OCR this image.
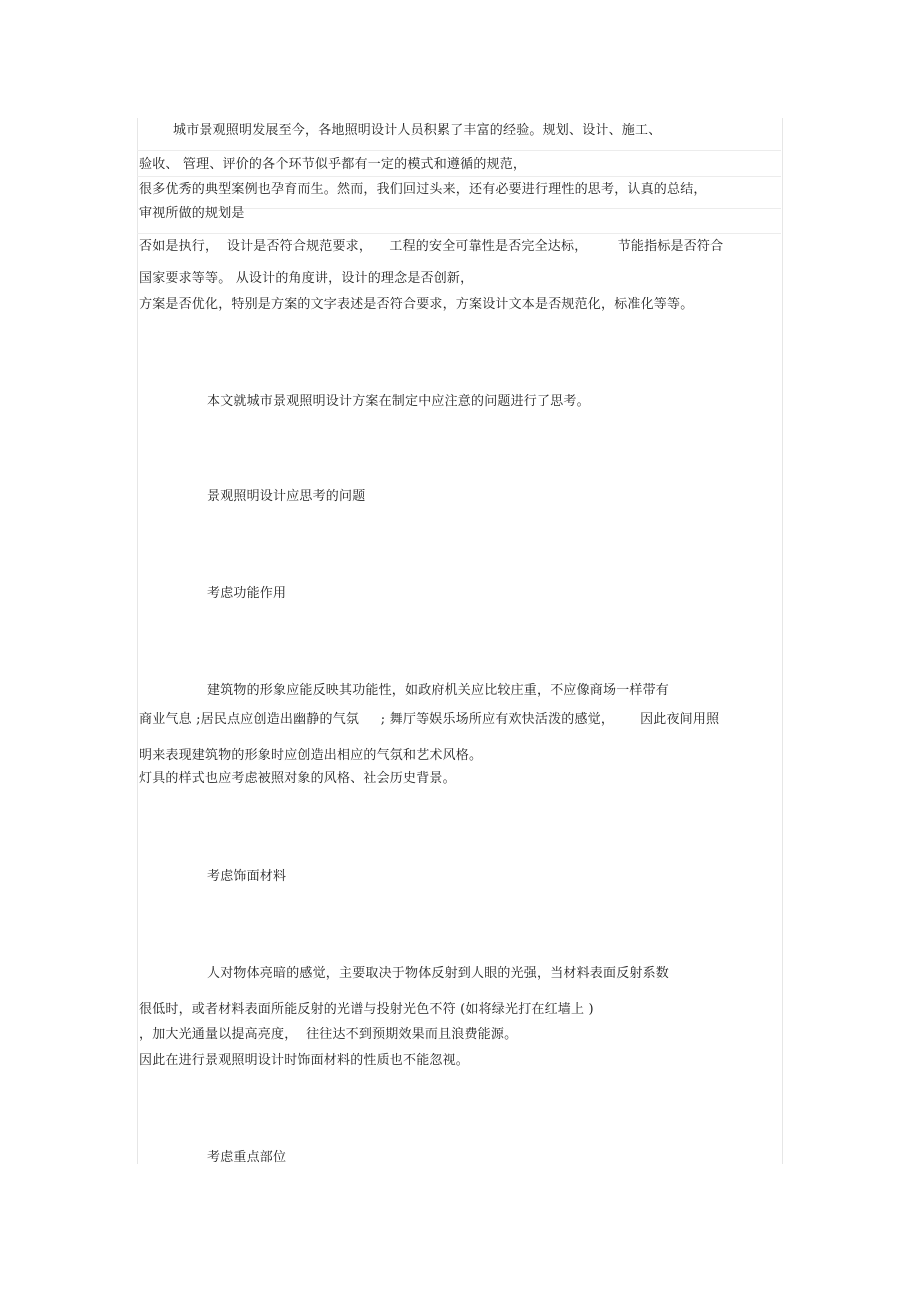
城市景观照明发展至今，各地照明设计人员积累了丰富的经验。规划、设计、施工、
验收、 管理、评价的各个环节似乎都有一定的模式和遵循的规范，
很多优秀的典型案例也孕育而生。然而，我们回过头来，还有必要进行理性的思考，认真的总结，
审视所做的规划是
否如是执行，  设计是否符合规范要求，    工程的安全可靠性是否完全达标，       节能指标是否符合
国家要求等等。 从设计的角度讲，设计的理念是否创新，
方案是否优化，特别是方案的文字表述是否符合要求，方案设计文本是否规范化，标准化等等。
本文就城市景观照明设计方案在制定中应注意的问题进行了思考。
景观照明设计应思考的问题
考虑功能作用
建筑物的形象应能反映其功能性，如政府机关应比较庄重，不应像商场一样带有
商业气息 ;居民点应创造出幽静的气氛     ; 舞厅等娱乐场所应有欢快活泼的感觉，      因此夜间用照
明来表现建筑物的形象时应创造出相应的气氛和艺术风格。
灯具的样式也应考虑被照对象的风格、社会历史背景。
考虑饰面材料
人对物体亮暗的感觉，主要取决于物体反射到人眼的光强，当材料表面反射系数
很低时，或者材料表面所能反射的光谱与投射光色不符 (如将绿光打在红墙上 )
，加大光通量以提高亮度，  往往达不到预期效果而且浪费能源。
因此在进行景观照明设计时饰面材料的性质也不能忽视。
考虑重点部位
